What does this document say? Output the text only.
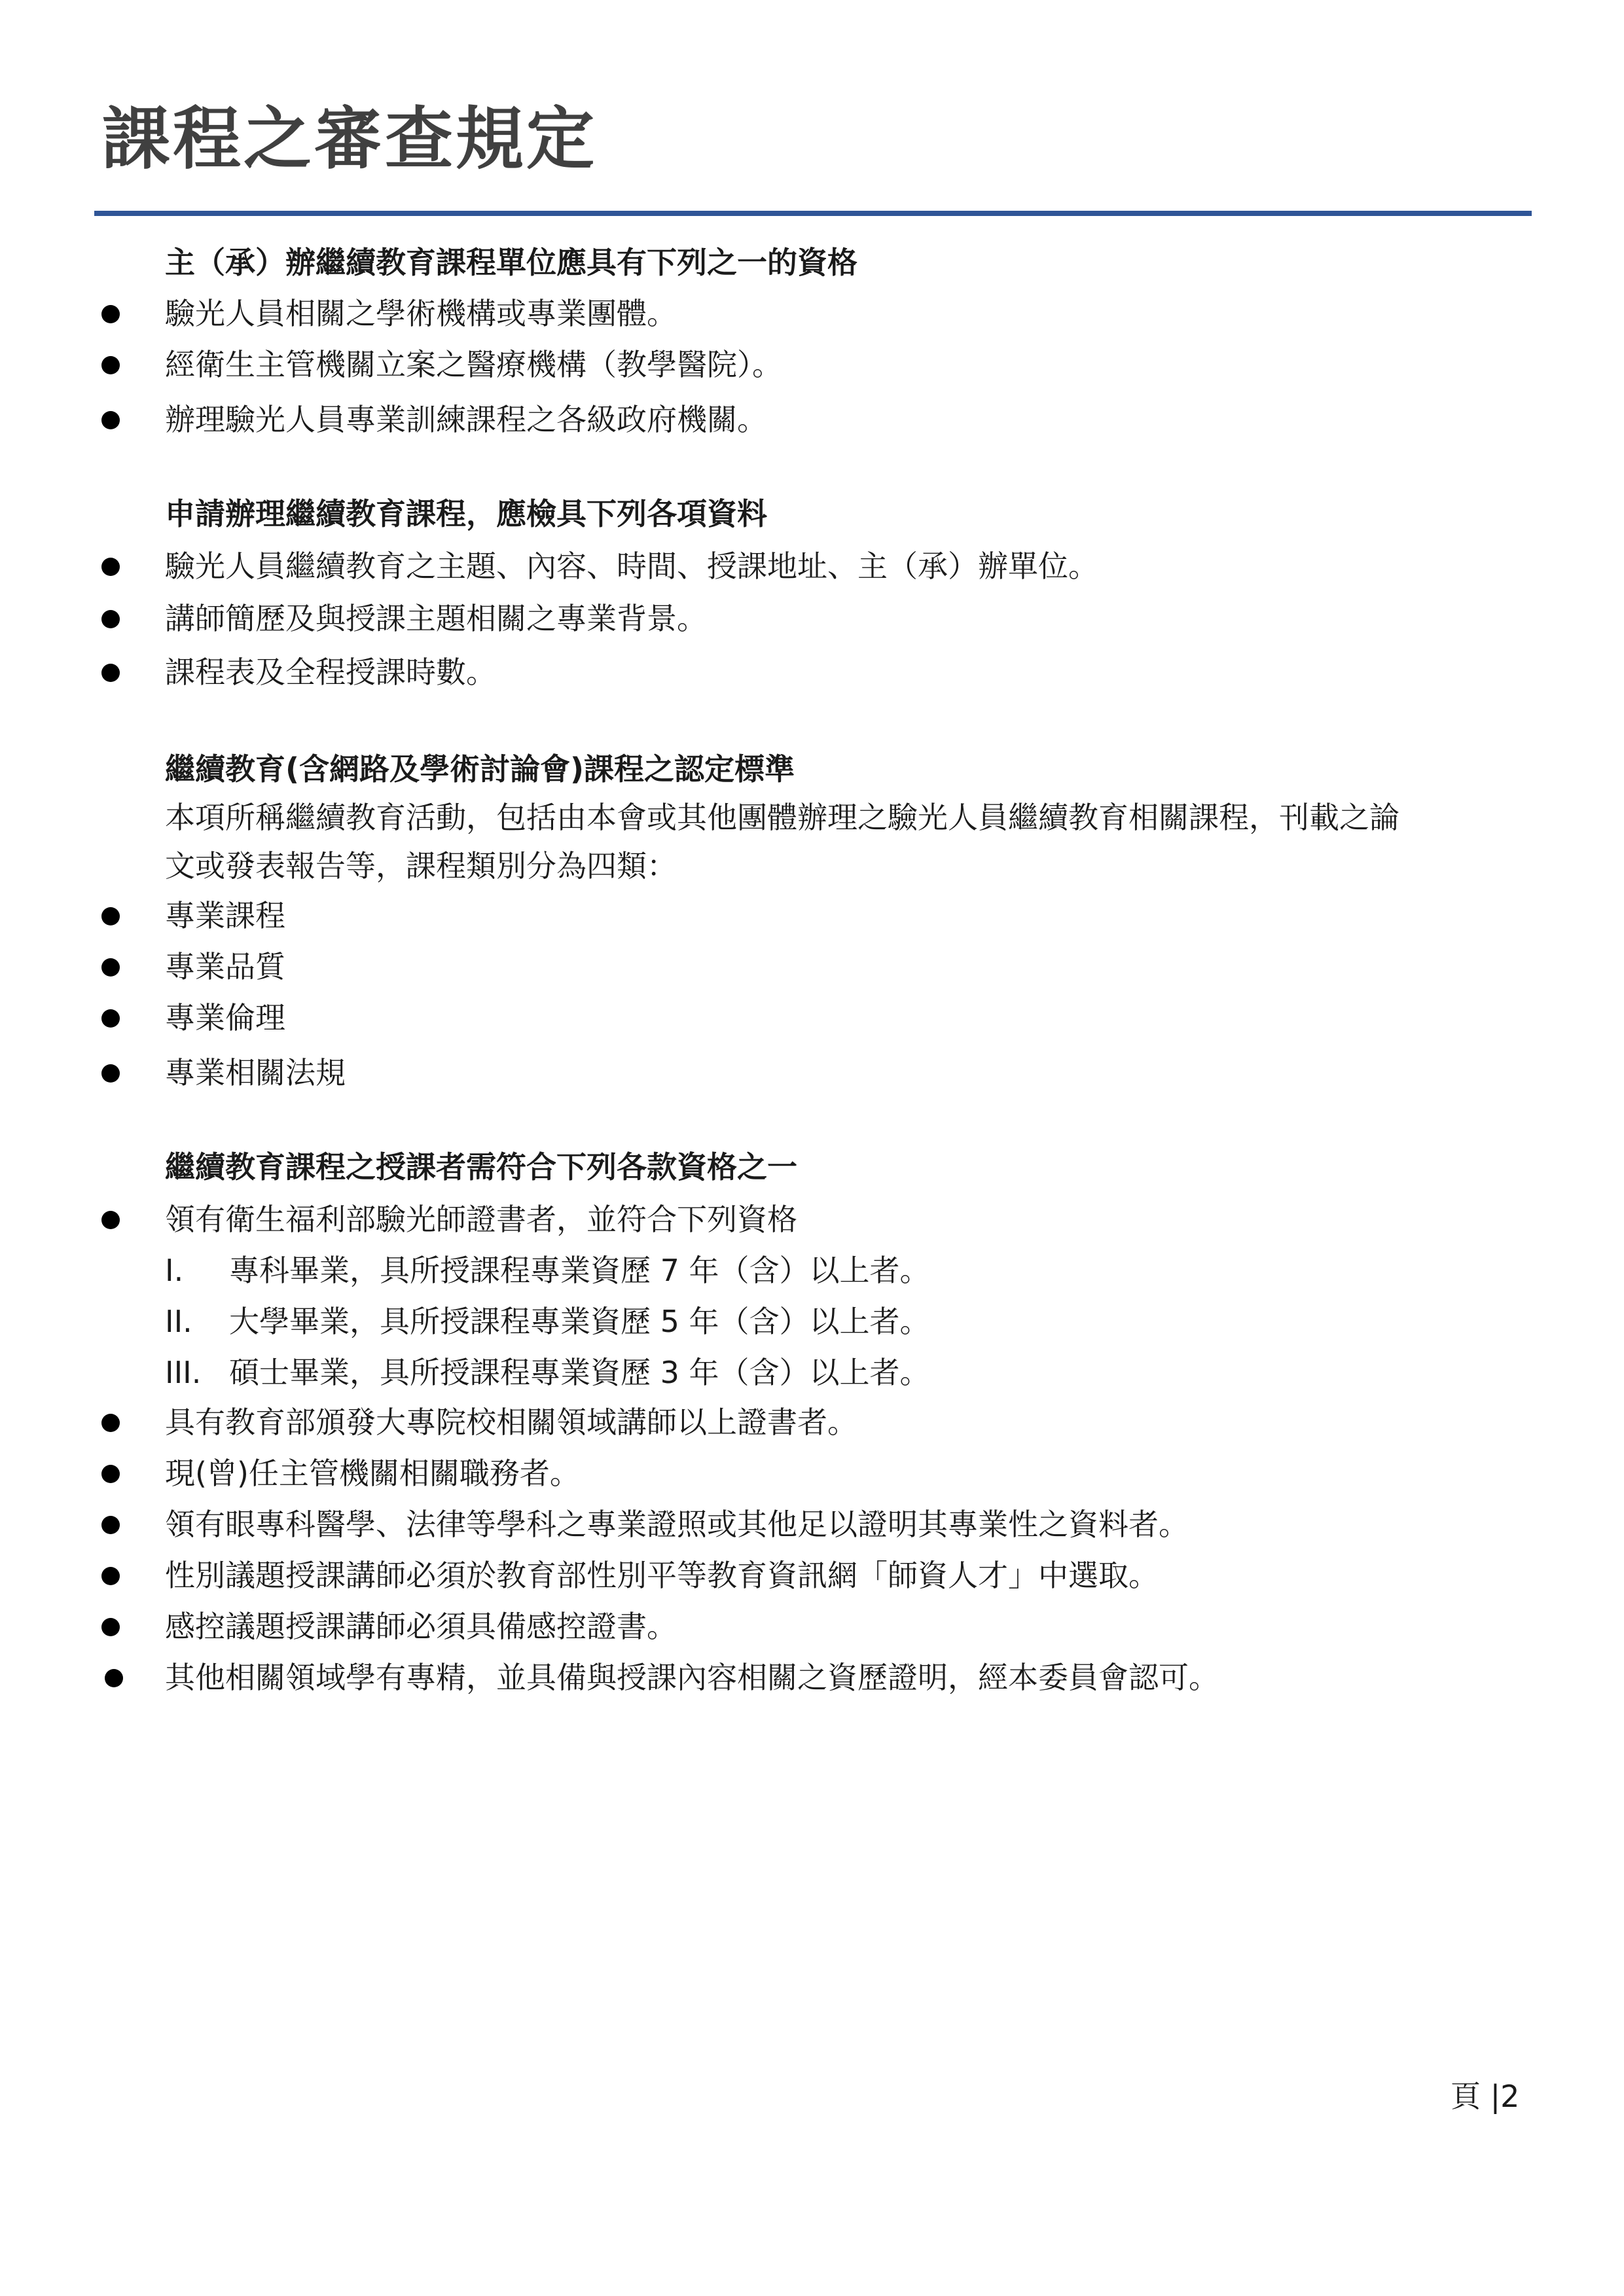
課程之審查規定
主（承）辦繼續教育課程單位應具有下列之一的資格
驗光人員相關之學術機構或專業團體。
經衛生主管機關立案之醫療機構（教學醫院）。
辦理驗光人員專業訓練課程之各級政府機關。
申請辦理繼續教育課程，應檢具下列各項資料
驗光人員繼續教育之主題、內容、時間、授課地址、主（承）辦單位。
講師簡歷及與授課主題相關之專業背景。
課程表及全程授課時數。
繼續教育(含網路及學術討論會)課程之認定標準
本項所稱繼續教育活動，包括由本會或其他團體辦理之驗光人員繼續教育相關課程，刊載之論
文或發表報告等，課程類別分為四類：
專業課程
專業品質
專業倫理
專業相關法規
繼續教育課程之授課者需符合下列各款資格之一
領有衛生福利部驗光師證書者，並符合下列資格
I. 專科畢業，具所授課程專業資歷 7 年（含）以上者。
II. 大學畢業，具所授課程專業資歷 5 年（含）以上者。
III. 碩士畢業，具所授課程專業資歷 3 年（含）以上者。
具有教育部頒發大專院校相關領域講師以上證書者。
現(曾)任主管機關相關職務者。
領有眼專科醫學、法律等學科之專業證照或其他足以證明其專業性之資料者。
性別議題授課講師必須於教育部性別平等教育資訊網「師資人才」中選取。
感控議題授課講師必須具備感控證書。
其他相關領域學有專精，並具備與授課內容相關之資歷證明，經本委員會認可。
頁 |2
